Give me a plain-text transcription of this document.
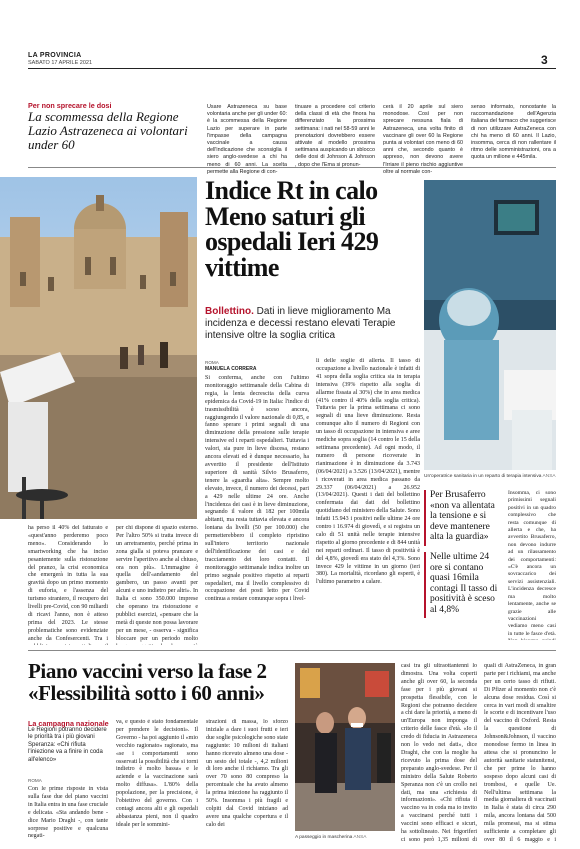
LA PROVINCIA
SABATO 17 APRILE 2021	3
Per non sprecare le dosi
La scommessa della Regione Lazio Astrazeneca ai volontari under 60
Usare Astrazeneca su base volontaria anche per gli under 60: è la scommessa della Regione Lazio per superare in parte l'impasse della campagna vaccinale a causa dell'indicazione che sconsiglia il siero anglo-svedese a chi ha meno di 60 anni. La scelta permette alla Regione di con-
tinuare a procedere col criterio della classi di età che finora ha differenziato la prossima settimana: i nati nel 58-59 anni le prenotazioni dovrebbero essere attivate al modello prossima settimana auspicando un sblocco delle dosi di Johnson & Johnson , dopo che l'Ema si pronun-
cerà il 20 aprile sul siero monodose. Così per non sprecare nessuna fiala di Astrazeneca, una volta finito di vaccinare gli over 60 la Regione punta ai volontari con meno di 60 anni che, secondo quanto è appreso, non devono avere l'Irriare il pieno rischio aggiuntive oltre al normale con-
senso informato, nonostante la raccomandazione dell'Agenzia italiana del farmaco che suggerisce di non utilizzare AstraZeneca con chi ha meno di 60 anni. Il Lazio, insomma, cerca di non rallentare il ritmo delle somministrazioni, ora a quota un milione e 445mila.
Indice Rt in calo Meno saturi gli ospedali Ieri 429 vittime
Un'operatrice sanitaria in un reparto di terapia intensiva ANSA
Bollettino. Dati in lieve miglioramento Ma incidenza e decessi restano elevati Terapie intensive oltre la soglia critica
ROMA
MANUELA CORRERA

Si conferma, anche con l'ultimo monitoraggio settimanale della Cabina di regia, la lenta decrescita della curva epidemica da Covid-19 in Italia: l'indice di trasmissibilità è sceso ancora, raggiungendo il valore nazionale di 0,85, e fanno sperare i primi segnali di una diminuzione della pressione sulle terapie intensive ed i reparti ospedalieri. Tuttavia i valori, sia pure in lieve discesa, restano ancora elevati ed è dunque necessario, ha avvertito il presidente dell'Istituto superiore di sanità Silvio Brusaferro, tenere la «guardia alta». Sempre molto elevato, invece, il numero dei decessi, pari a 429 nelle ultime 24 ore. Anche l'incidenza dei casi è in lieve diminuzione, segnando il valore di 182 per 100mila abitanti, ma resta tuttavia elevata e ancora lontana da livelli (50 per 100.000) che permetterebbero il completo ripristino sull'intero territorio nazionale dell'identificazione dei casi e del tracciamento dei loro contatti. Il monitoraggio settimanale indica inoltre un primo segnale positivo rispetto ai reparti ospedalieri, ma il livello complessivo di occupazione dei posti letto per Covid continua a restare comunque sopra i livel-

li delle soglie di allerta. Il tasso di occupazione a livello nazionale è infatti di 41 sopra della soglia critica sia in terapia intensiva (39% rispetto alla soglia di allarme fissata al 30%) che in area medica (41% contro il 40% della soglia critica). Tuttavia per la prima settimana ci sono segnali di una lieve diminuzione. Resta comunque alto il numero di Regioni con un tasso di occupazione in intensiva e aree mediche sopra soglia (14 contro le 15 della settimana precedente). Ad ogni modo, il numero di persone ricoverate in rianimazione è in diminuzione da 3.743 (06/04/2021) a 3.526 (13/04/2021), mentre i ricoverati in area medica passano da 29.337 (06/04/2021) a 26.952 (13/04/2021). Questi i dati del bollettino confermata dai dati del bollettino quotidiano del ministero della Salute. Sono infatti 15.943 i positivi nelle ultime 24 ore contro i 16.974 di giovedì, e si registra un calo di 51 unità nelle terapie intensive rispetto al giorno precedente e di 844 unità nei reparti ordinari. Il tasso di positività è del 4,8%, giovedì era stato del 4,3%. Sono invece 429 le vittime in un giorno (ieri 380). La mortalità, ricordano gli esperti, è l'ultimo parametro a calare.

ha perso il 40% del fatturato e «quest'anno perderemo poco meno». Considerando lo smartworking che ha inciso pesantemente sulla ristorazione del pranzo, la crisi economica che emergerà in tutta la sua gravità dopo un primo momento di euforia, e l'assenza del turismo straniero, il recupero dei livelli pre-Covid, con 90 miliardi di ricavi l'anno, non è atteso prima del 2023. Le stesse problematiche sono evidenziate anche da Confesercenti. Tra i

per chi dispone di spazio esterno. Per l'altro 50% si tratta invece di un arretramento, perché prima in zona gialla si poteva pranzare e servire l'aperitivo anche al chiuso, ora non più». L'immagine è quella dell'«andamento del gambero, un passo avanti per alcuni e uno indietro per altri». In Italia ci sono 350.000 imprese che operano tra ristorazione e pubblici esercizi, «pensare che la metà di queste non possa lavorare per un mese, - osserva - significa bloccare per un periodo molto

Per Brusaferro «non va allentata la tensione e si deve mantenere alta la guardia»
Nelle ultime 24 ore si contano quasi 16mila contagi Il tasso di positività è sceso al 4,8%

Insomma, ci sono primissimi segnali positivi in un quadro complessivo che resta comunque di allerta e che, ha avvertito Brusaferro, non devono indurre ad un rilassamento dei comportamenti: «C'è ancora un sovraccarico dei servizi assistenziali. L'incidenza decresce ma molto lentamente, anche se grazie alle vaccinazioni vediamo meno casi in tutte le fasce d'età.

Piano vaccini verso la fase 2 «Flessibilità sotto i 60 anni»
La campagna nazionale
Le Regioni potranno decidere le priorità tra i più giovani Speranza: «Chi rifiuta l'iniezione va a finire in coda all'elenco»
ROMA

Con le prime risposte in vista sulla fase due del piano vaccini in Italia entra in una fase cruciale e delicata. «Sta andando bene - dice Mario Draghi -, con tante sorprese positive e qualcuna negati-

va, e questo è stato fondamentale per prendere le decisioni». Il Governo - ha poi aggiunto il «mio vecchio ragionato» ragionato, ma «se i comportamenti sono osservati la possibilità che si torni indietro è molto bassa» e le aziende e la vaccinazione sarà molto diffusa». L'80% della popolazione, per la precisione, è l'obiettivo del governo. Con i contagi ancora alti e gli ospedali abbastanza pieni, non il quadro ideale per le sommini-

strazioni di massa, lo sforzo iniziale a dare i suoi frutti e ieri due soglie psicologiche sono state raggiunte: 10 milioni di italiani hanno ricevuto almeno una dose - un sesto del totale -, 4,2 milioni di loro anche il richiamo. Tra gli over 70 sono 80 compreso la percentuale che ha avuto almeno la prima iniezione ha raggiunto il 50%. Insomma i più fragili e colpiti dal Covid iniziano ad avere una qualche copertura e il calo dei

A passeggio in mascherina ANSA

casi tra gli ultraottantenni lo dimostra. Una volta coperti anche gli over 60, la seconda fase per i più giovani si prospetta flessibile, con le Regioni che potranno decidere a chi dare la priorità, a meno di un'Europa non imponga il criterio delle fasce d'età. «Io il credo di fiducia in Astrazeneca non lo vedo nei dati», dice Draghi, che con la moglie ha ricevuto la prima dose del preparato anglo-svedese. Per il ministro della Salute Roberto Speranza non c'è un crollo nei dati, ma una «richiesta di informazioni». «Chi rifiuta il vaccino va in coda ma io invito a vaccinarsi perché tutti i vaccini sono efficaci e sicuri, ha sottolineato. Nei frigoriferi ci sono però 1,35 milioni di

quali di AstraZeneca, in gran parte per i richiami, ma anche per un certo tasso di rifiuti. Di Pfizer al momento non c'è alcuna dose residua. Così si cerca in vari modi di smaltire le scorte e di incentivare l'uso del vaccino di Oxford. Resta la questione di Johnson&Johnson, il vaccino monodose fermo in linea in attesa che si pronuncino le autorità sanitarie statunitensi, che per prime lo hanno sospeso dopo alcuni casi di trombosi, e quelle Ue. Nell'ultima settimana la media giornaliera di vaccinati in Italia è stata di circa 290 mila, ancora lontana dai 500 mila promessi, ma si stima sufficiente a completare gli over 80 il 6 maggio e i
